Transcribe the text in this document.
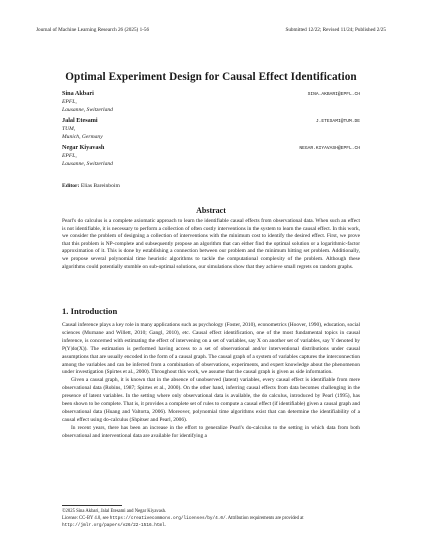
Journal of Machine Learning Research 26 (2025) 1-56	Submitted 12/22; Revised 11/24; Published 2/25
Optimal Experiment Design for Causal Effect Identification
Sina Akbari
EPFL,
Lausanne, Switzerland
SINA.AKBARI@EPFL.CH
Jalal Etesami
TUM,
Munich, Germany
J.ETESAMI@TUM.DE
Negar Kiyavash
EPFL,
Lausanne, Switzerland
NEGAR.KIYAVASH@EPFL.CH
Editor: Elias Bareinboim
Abstract
Pearl's do calculus is a complete axiomatic approach to learn the identifiable causal effects from observational data. When such an effect is not identifiable, it is necessary to perform a collection of often costly interventions in the system to learn the causal effect. In this work, we consider the problem of designing a collection of interventions with the minimum cost to identify the desired effect. First, we prove that this problem is NP-complete and subsequently propose an algorithm that can either find the optimal solution or a logarithmic-factor approximation of it. This is done by establishing a connection between our problem and the minimum hitting set problem. Additionally, we propose several polynomial time heuristic algorithms to tackle the computational complexity of the problem. Although these algorithms could potentially stumble on sub-optimal solutions, our simulations show that they achieve small regrets on random graphs.
1. Introduction

Causal inference plays a key role in many applications such as psychology (Foster, 2010), econometrics (Hoover, 1990), education, social sciences (Murnane and Willett, 2010; Gangl, 2010), etc. Causal effect identification, one of the most fundamental topics in causal inference, is concerned with estimating the effect of intervening on a set of variables, say X on another set of variables, say Y denoted by P(Y|do(X)). The estimation is performed having access to a set of observational and/or interventional distributions under causal assumptions that are usually encoded in the form of a causal graph. The causal graph of a system of variables captures the interconnection among the variables and can be inferred from a combination of observations, experiments, and expert knowledge about the phenomenon under investigation (Spirtes et al., 2000). Throughout this work, we assume that the causal graph is given as side information.

Given a causal graph, it is known that in the absence of unobserved (latent) variables, every causal effect is identifiable from mere observational data (Robins, 1987; Spirtes et al., 2000). On the other hand, inferring causal effects from data becomes challenging in the presence of latent variables. In the setting where only observational data is available, the do calculus, introduced by Pearl (1995), has been shown to be complete. That is, it provides a complete set of rules to compute a causal effect (if identifiable) given a causal graph and observational data (Huang and Valtorta, 2006). Moreover, polynomial time algorithms exist that can determine the identifiability of a causal effect using do-calculus (Shpitser and Pearl, 2006).

In recent years, there has been an increase in the effort to generalize Pearl's do-calculus to the setting in which data from both observational and interventional data are available for identifying a

©2025 Sina Akbari, Jalal Etesami and Negar Kiyavash.
License: CC-BY 4.0, see https://creativecommons.org/licenses/by/4.0/. Attribution requirements are provided at
http://jmlr.org/papers/v26/22-1516.html.
